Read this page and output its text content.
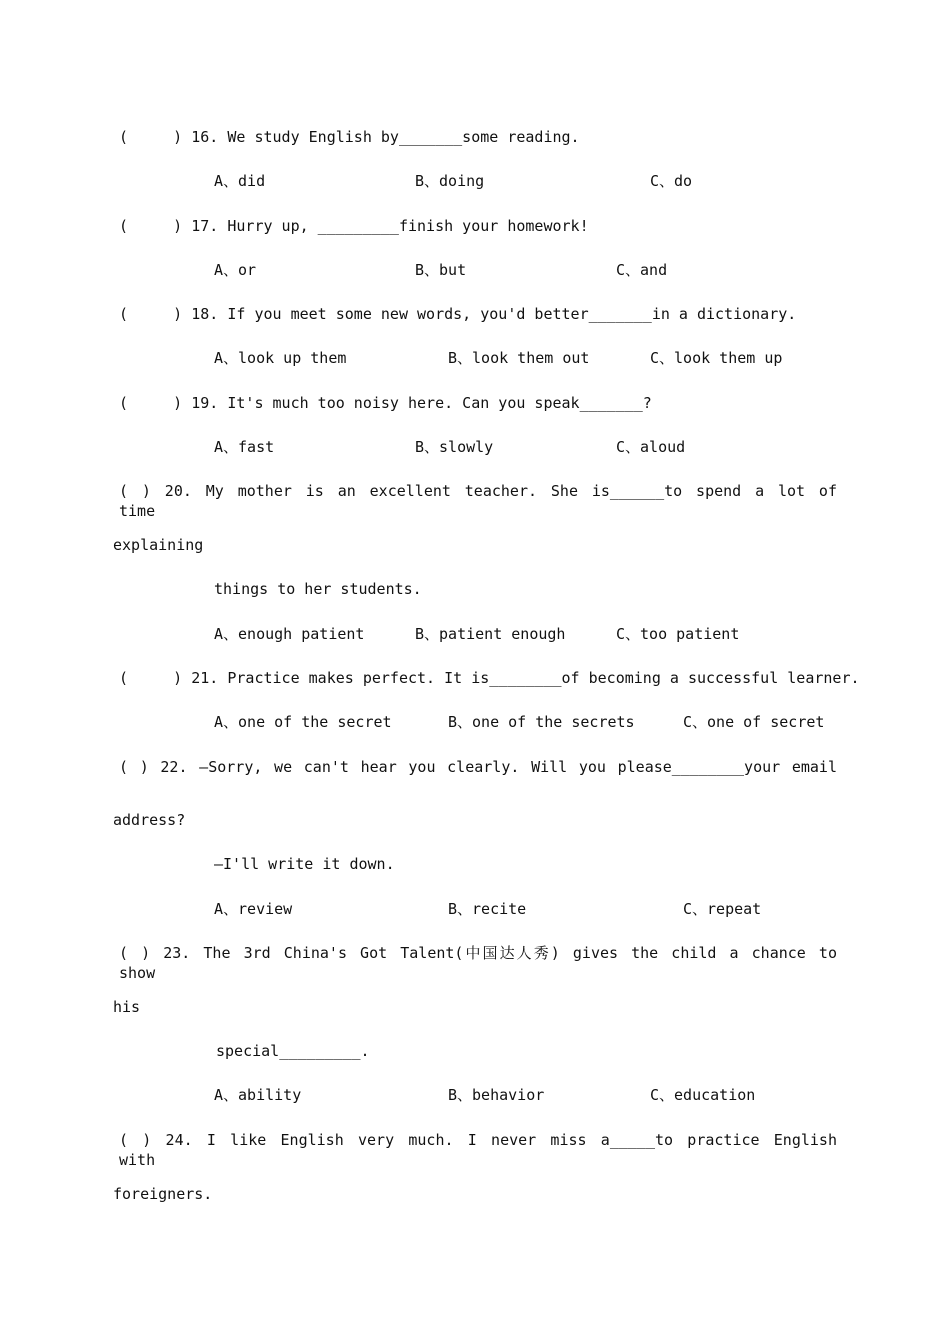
(     ) 16. We study English by_______some reading.
A、did	B、doing	C、do
(     ) 17. Hurry up, _________finish your homework!
A、or	B、but	C、and
(     ) 18. If you meet some new words, you'd better_______in a dictionary.
A、look up them	B、look them out	C、look them up
(     ) 19. It's much too noisy here. Can you speak_______?
A、fast	B、slowly	C、aloud
( ) 20. My mother is an excellent teacher. She is______to spend a lot of time
explaining
things to her students.
A、enough patient	B、patient enough	C、too patient
(     ) 21. Practice makes perfect. It is________of becoming a successful learner.
A、one of the secret	B、one of the secrets	C、one of secret
( ) 22. —Sorry, we can't hear you clearly. Will you please________your email
address?
—I'll write it down.
A、review	B、recite	C、repeat
( ) 23. The 3rd China's Got Talent(中国达人秀) gives the child a chance to show
his
special_________.
A、ability	B、behavior	C、education
( ) 24. I like English very much. I never miss a_____to practice English with
foreigners.
